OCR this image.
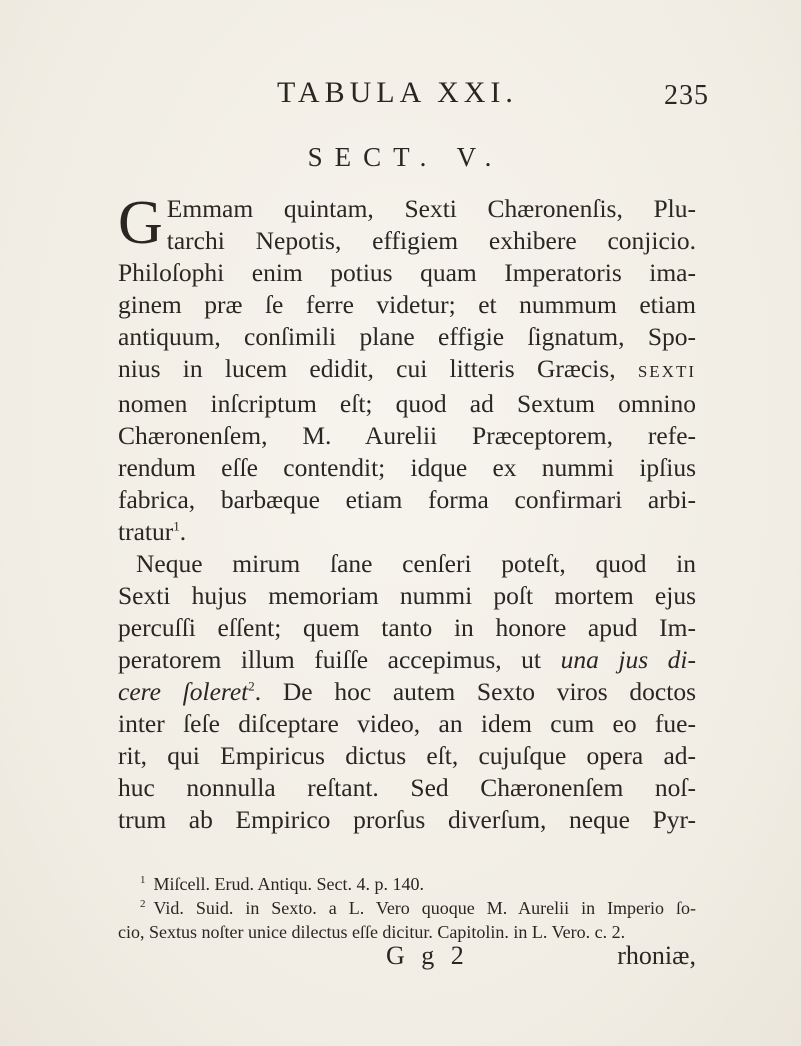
TABULA XXI.	235
SECT. V.
G Emmam quintam, Sexti Chæronenſis, Plu-
tarchi Nepotis, effigiem exhibere conjicio.
Philoſophi enim potius quam Imperatoris ima-
ginem præ ſe ferre videtur; et nummum etiam
antiquum, conſimili plane effigie ſignatum, Spo-
nius in lucem edidit, cui litteris Græcis, SEXTI
nomen inſcriptum eſt; quod ad Sextum omnino
Chæronenſem, M. Aurelii Præceptorem, refe-
rendum eſſe contendit; idque ex nummi ipſius
fabrica, barbæque etiam forma confirmari arbi-
tratur$^1$.
Neque mirum ſane cenſeri poteſt, quod in
Sexti hujus memoriam nummi poſt mortem ejus
percuſſi eſſent; quem tanto in honore apud Im-
peratorem illum fuiſſe accepimus, ut una jus di-
cere ſoleret$^2$. De hoc autem Sexto viros doctos
inter ſeſe diſceptare video, an idem cum eo fue-
rit, qui Empiricus dictus eſt, cujuſque opera ad-
huc nonnulla reſtant. Sed Chæronenſem noſ-
trum ab Empirico prorſus diverſum, neque Pyr-
$^1$ Miſcell. Erud. Antiqu. Sect. 4. p. 140.
$^2$ Vid. Suid. in Sexto. a L. Vero quoque M. Aurelii in Imperio ſo-
cio, Sextus noſter unice dilectus eſſe dicitur. Capitolin. in L. Vero. c. 2.
G g 2	rhoniæ,
